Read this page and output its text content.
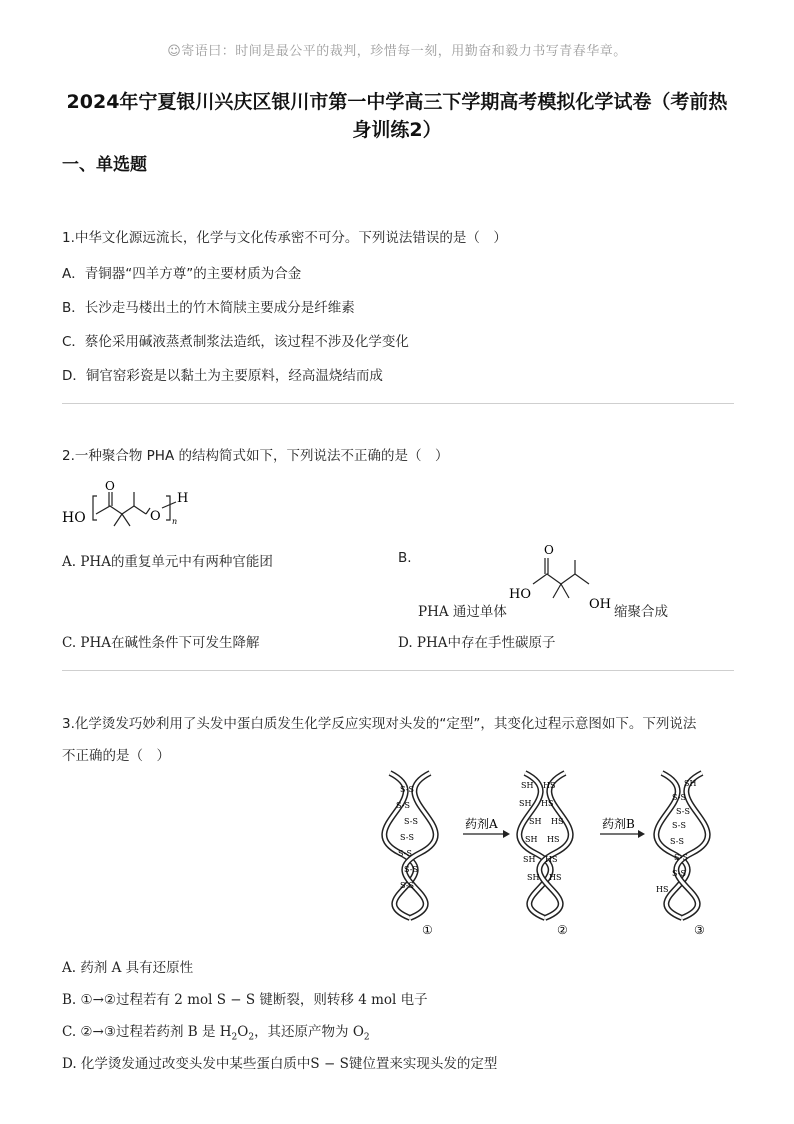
☺寄语曰：时间是最公平的裁判，珍惜每一刻，用勤奋和毅力书写青春华章。
2024年宁夏银川兴庆区银川市第一中学高三下学期高考模拟化学试卷（考前热
身训练2）
一、单选题
1.中华文化源远流长，化学与文化传承密不可分。下列说法错误的是（　）
A．青铜器“四羊方尊”的主要材质为合金
B．长沙走马楼出土的竹木简牍主要成分是纤维素
C．蔡伦采用碱液蒸煮制浆法造纸，该过程不涉及化学变化
D．铜官窑彩瓷是以黏土为主要原料，经高温烧结而成
2.一种聚合物 PHA 的结构简式如下，下列说法不正确的是（　）
HO
O
O
H
n
A. PHA的重复单元中有两种官能团	B.	O
HO
OH
PHA 通过单体	缩聚合成
C. PHA在碱性条件下可发生降解	D. PHA中存在手性碳原子
3.化学烫发巧妙利用了头发中蛋白质发生化学反应实现对头发的“定型”，其变化过程示意图如下。下列说法
不正确的是（　）
S-S
S-S
S-S
S-S
S-S
S-S
S-S
①
药剂A
SH HS
SH HS
SH HS
SH HS
SH HS
SH HS
②
药剂B
SH
S-S
S-S
S-S
S-S
S-S
S-S
HS
③
A. 药剂 A 具有还原性
B. ①→②过程若有 2 mol S − S 键断裂，则转移 4 mol 电子
C. ②→③过程若药剂 B 是 $H_2O_2$，其还原产物为 $O_2$
D. 化学烫发通过改变头发中某些蛋白质中S − S键位置来实现头发的定型
